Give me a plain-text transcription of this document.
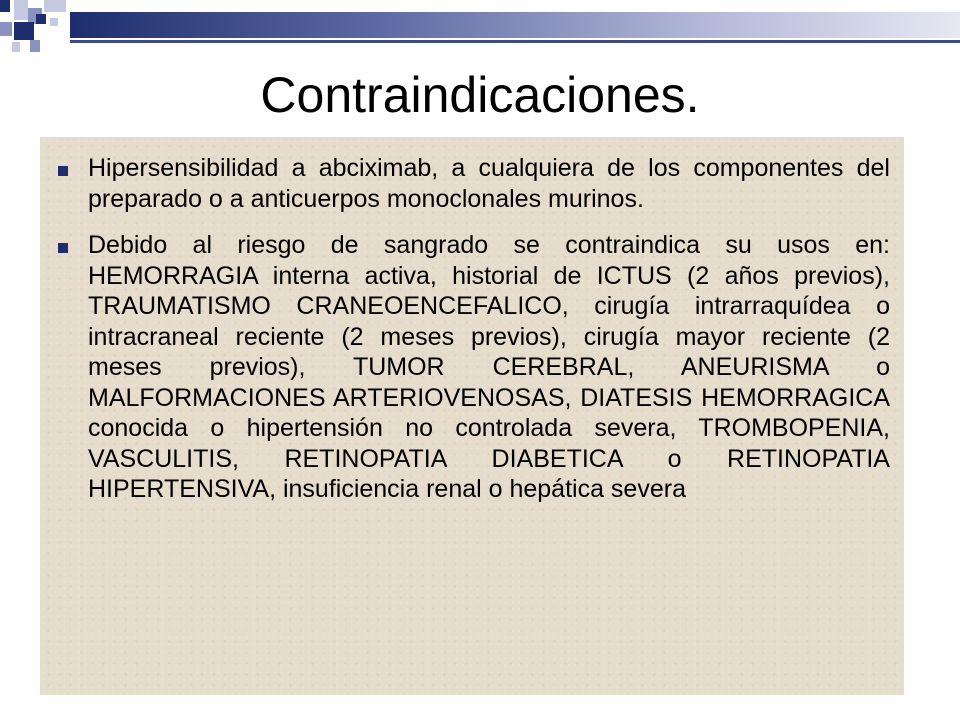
Contraindicaciones.
Hipersensibilidad a abciximab, a cualquiera de los componentes del preparado o a anticuerpos monoclonales murinos.
Debido al riesgo de sangrado se contraindica su usos en: HEMORRAGIA interna activa, historial de ICTUS (2 años previos), TRAUMATISMO CRANEOENCEFALICO, cirugía intrarraquídea o intracraneal reciente (2 meses previos), cirugía mayor reciente (2 meses previos), TUMOR CEREBRAL, ANEURISMA o MALFORMACIONES ARTERIOVENOSAS, DIATESIS HEMORRAGICA conocida o hipertensión no controlada severa, TROMBOPENIA, VASCULITIS, RETINOPATIA DIABETICA o RETINOPATIA HIPERTENSIVA, insuficiencia renal o hepática severa
